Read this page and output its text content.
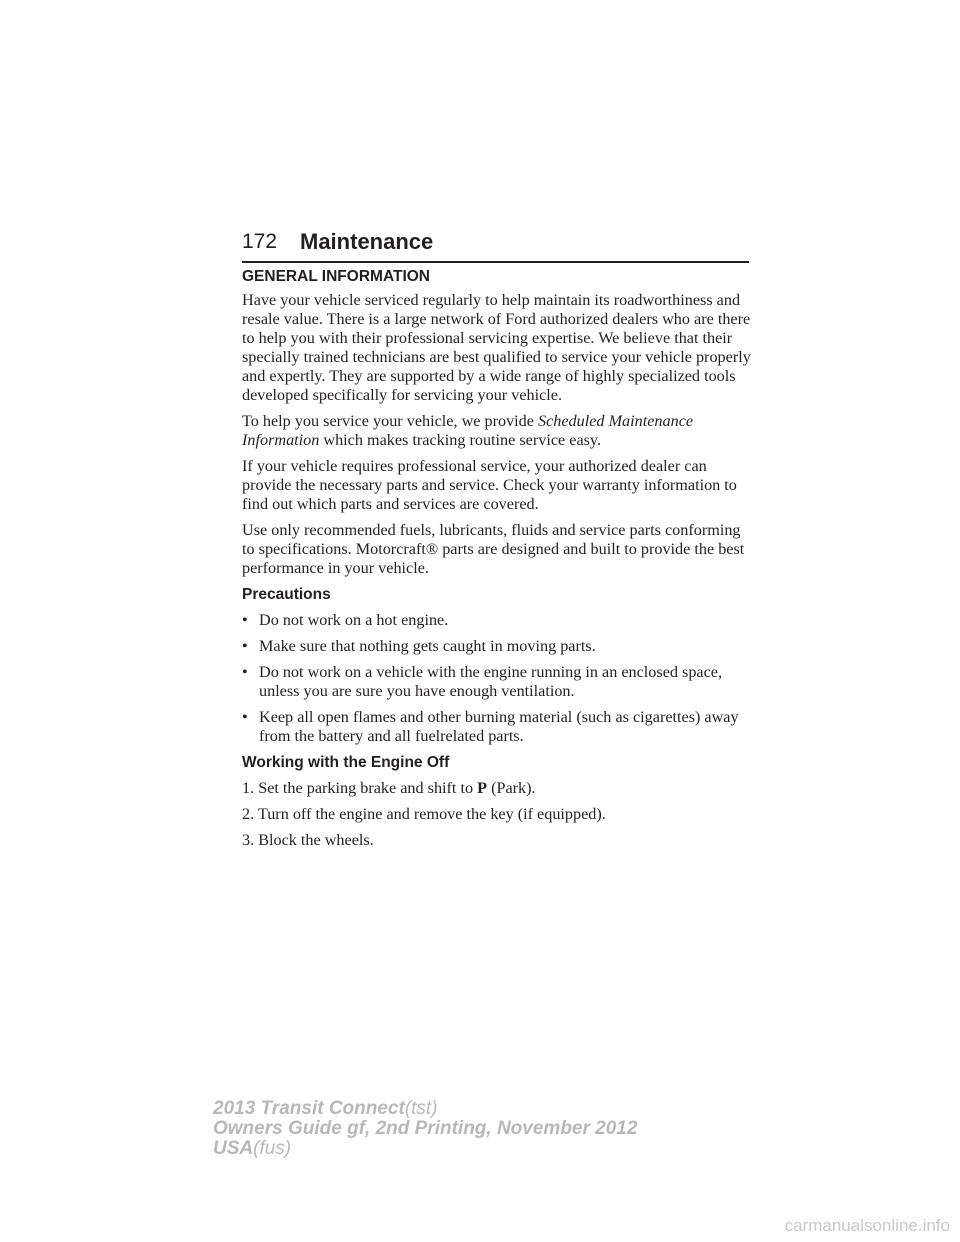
172 Maintenance
GENERAL INFORMATION

Have your vehicle serviced regularly to help maintain its roadworthiness and resale value. There is a large network of Ford authorized dealers who are there to help you with their professional servicing expertise. We believe that their specially trained technicians are best qualified to service your vehicle properly and expertly. They are supported by a wide range of highly specialized tools developed specifically for servicing your vehicle.

To help you service your vehicle, we provide Scheduled Maintenance Information which makes tracking routine service easy.

If your vehicle requires professional service, your authorized dealer can provide the necessary parts and service. Check your warranty information to find out which parts and services are covered.

Use only recommended fuels, lubricants, fluids and service parts conforming to specifications. Motorcraft® parts are designed and built to provide the best performance in your vehicle.

Precautions
• Do not work on a hot engine.
• Make sure that nothing gets caught in moving parts.
• Do not work on a vehicle with the engine running in an enclosed space, unless you are sure you have enough ventilation.
• Keep all open flames and other burning material (such as cigarettes) away from the battery and all fuelrelated parts.
Working with the Engine Off
1. Set the parking brake and shift to P (Park).
2. Turn off the engine and remove the key (if equipped).
3. Block the wheels.
2013 Transit Connect(tst)
Owners Guide gf, 2nd Printing, November 2012
USA(fus)
carmanualsonline.info
